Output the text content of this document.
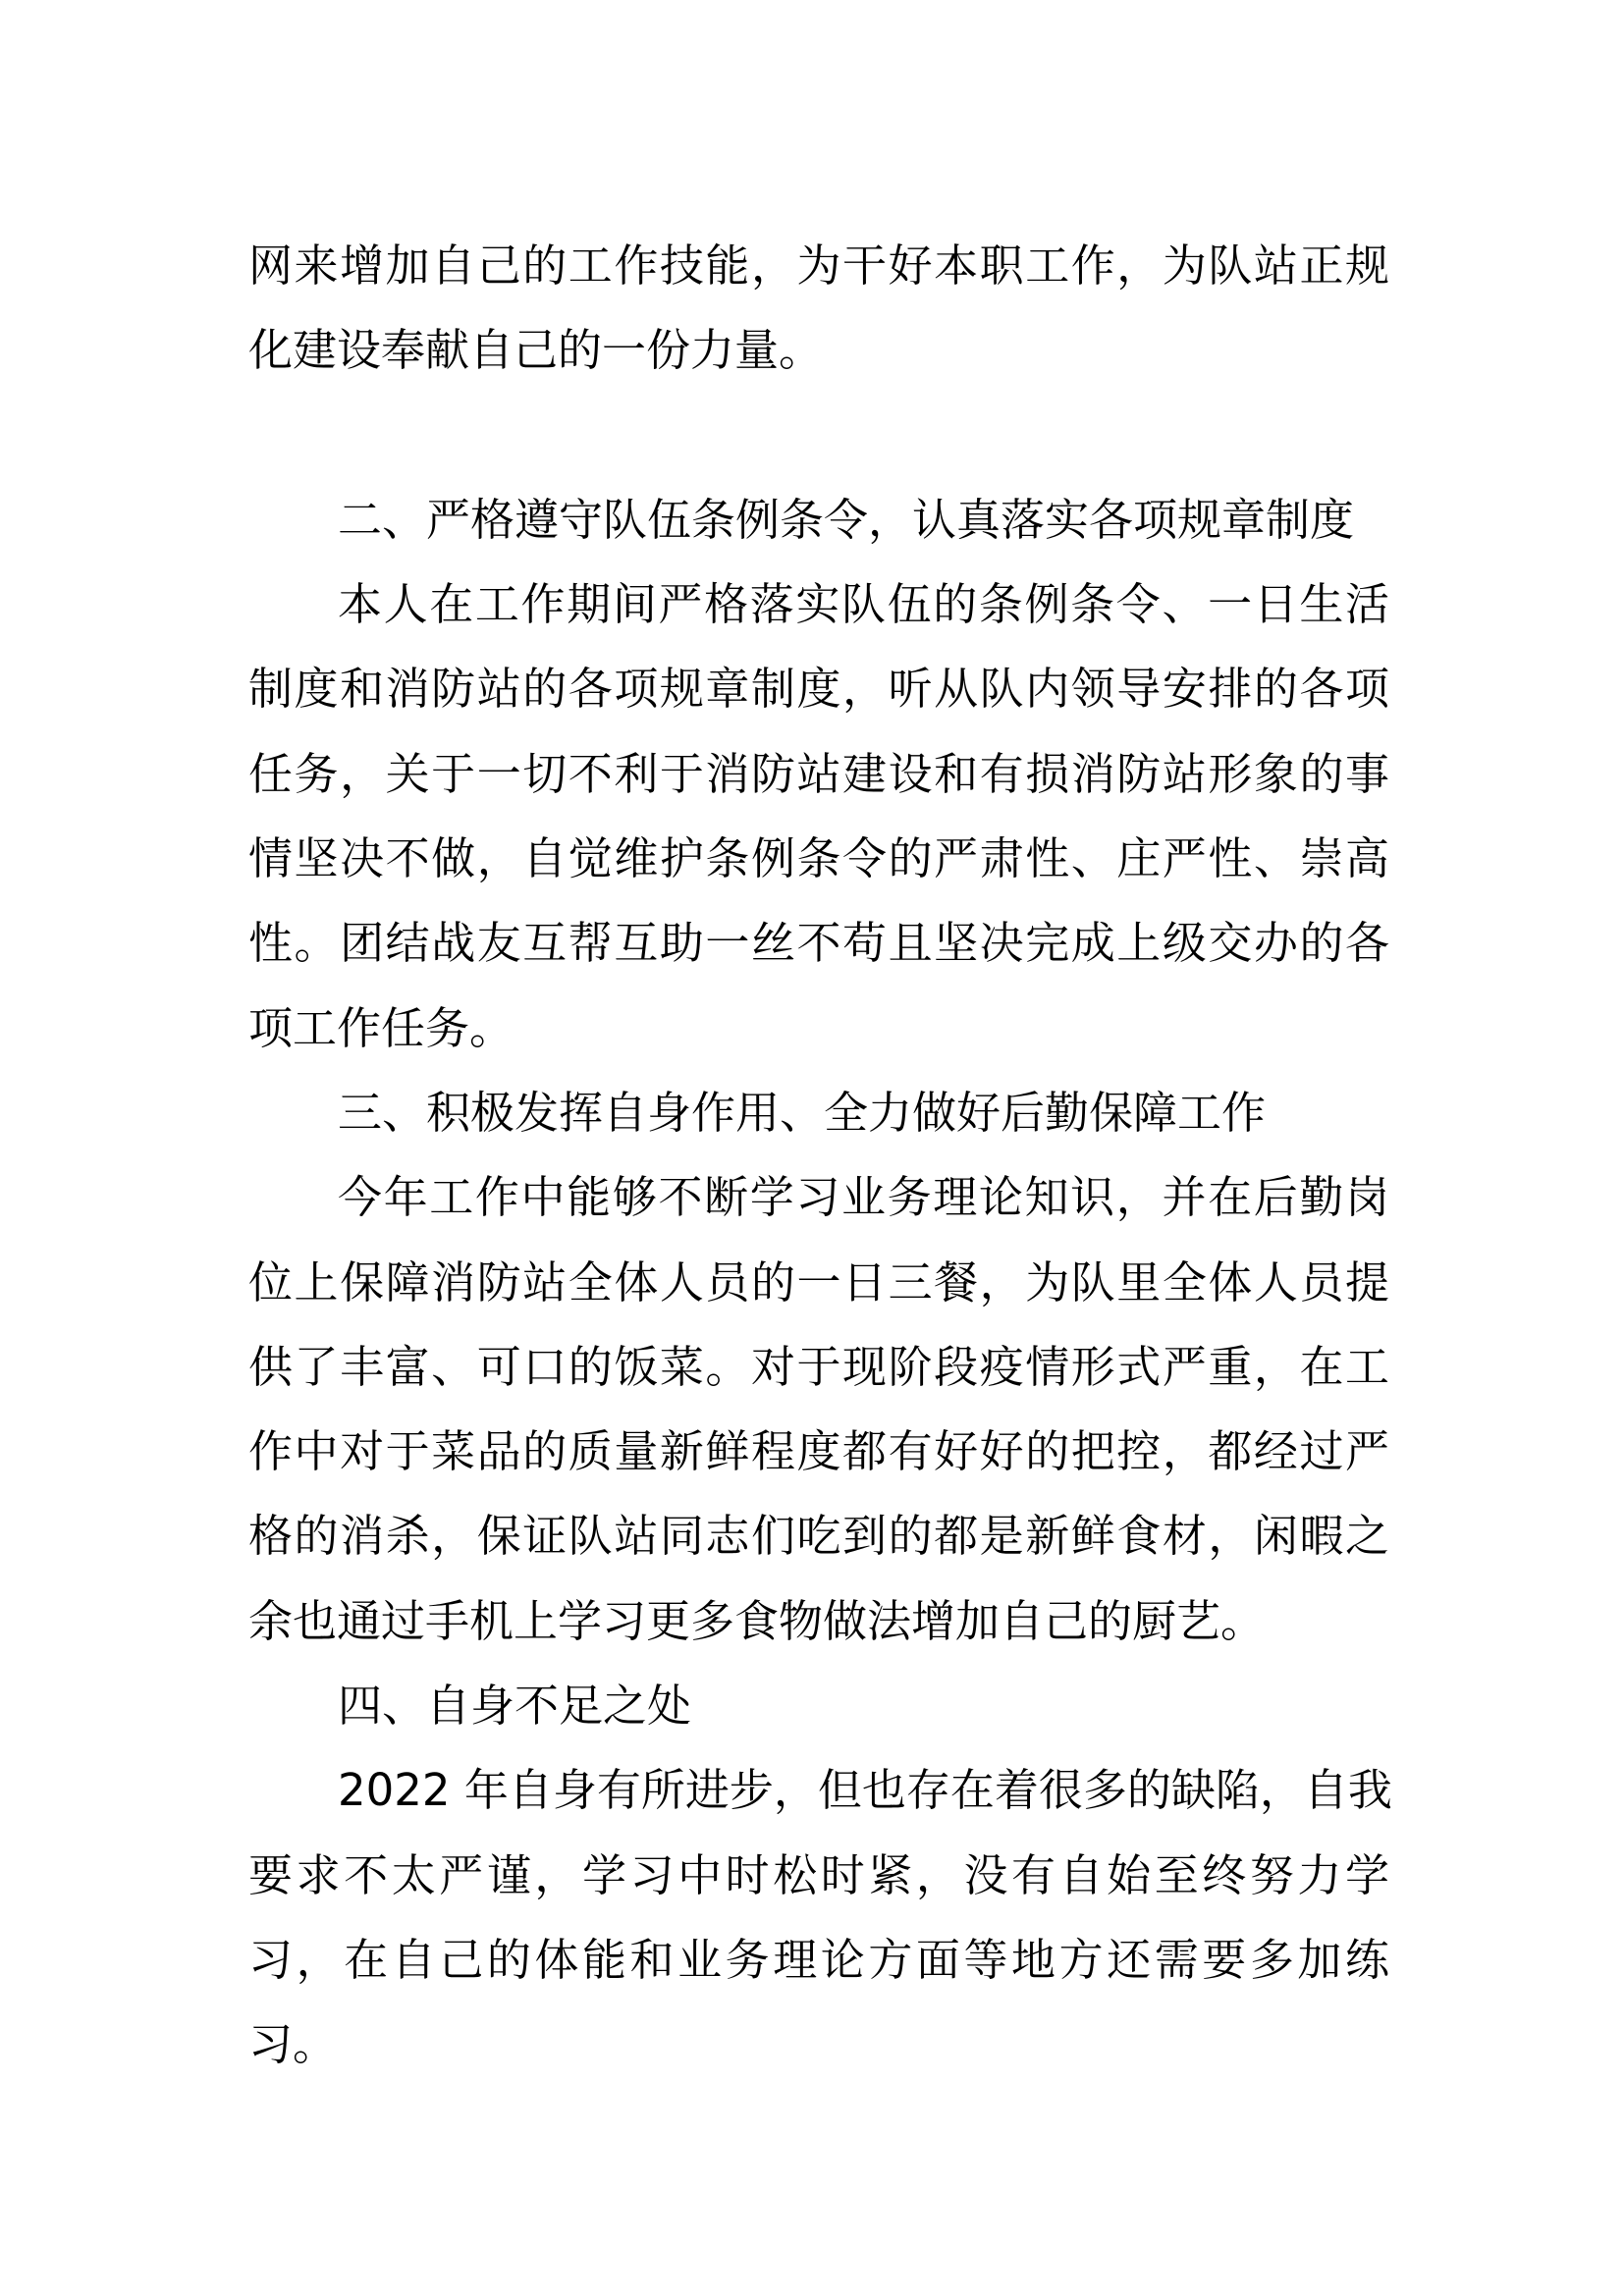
网来增加自己的工作技能，为干好本职工作，为队站正规
化建设奉献自己的一份力量。
二、严格遵守队伍条例条令，认真落实各项规章制度
本人在工作期间严格落实队伍的条例条令、一日生活
制度和消防站的各项规章制度，听从队内领导安排的各项
任务，关于一切不利于消防站建设和有损消防站形象的事
情坚决不做，自觉维护条例条令的严肃性、庄严性、崇高
性。团结战友互帮互助一丝不苟且坚决完成上级交办的各
项工作任务。
三、积极发挥自身作用、全力做好后勤保障工作
今年工作中能够不断学习业务理论知识，并在后勤岗
位上保障消防站全体人员的一日三餐，为队里全体人员提
供了丰富、可口的饭菜。对于现阶段疫情形式严重，在工
作中对于菜品的质量新鲜程度都有好好的把控，都经过严
格的消杀，保证队站同志们吃到的都是新鲜食材，闲暇之
余也通过手机上学习更多食物做法增加自己的厨艺。
四、自身不足之处
2022 年自身有所进步，但也存在着很多的缺陷，自我
要求不太严谨，学习中时松时紧，没有自始至终努力学
习，在自己的体能和业务理论方面等地方还需要多加练
习。
